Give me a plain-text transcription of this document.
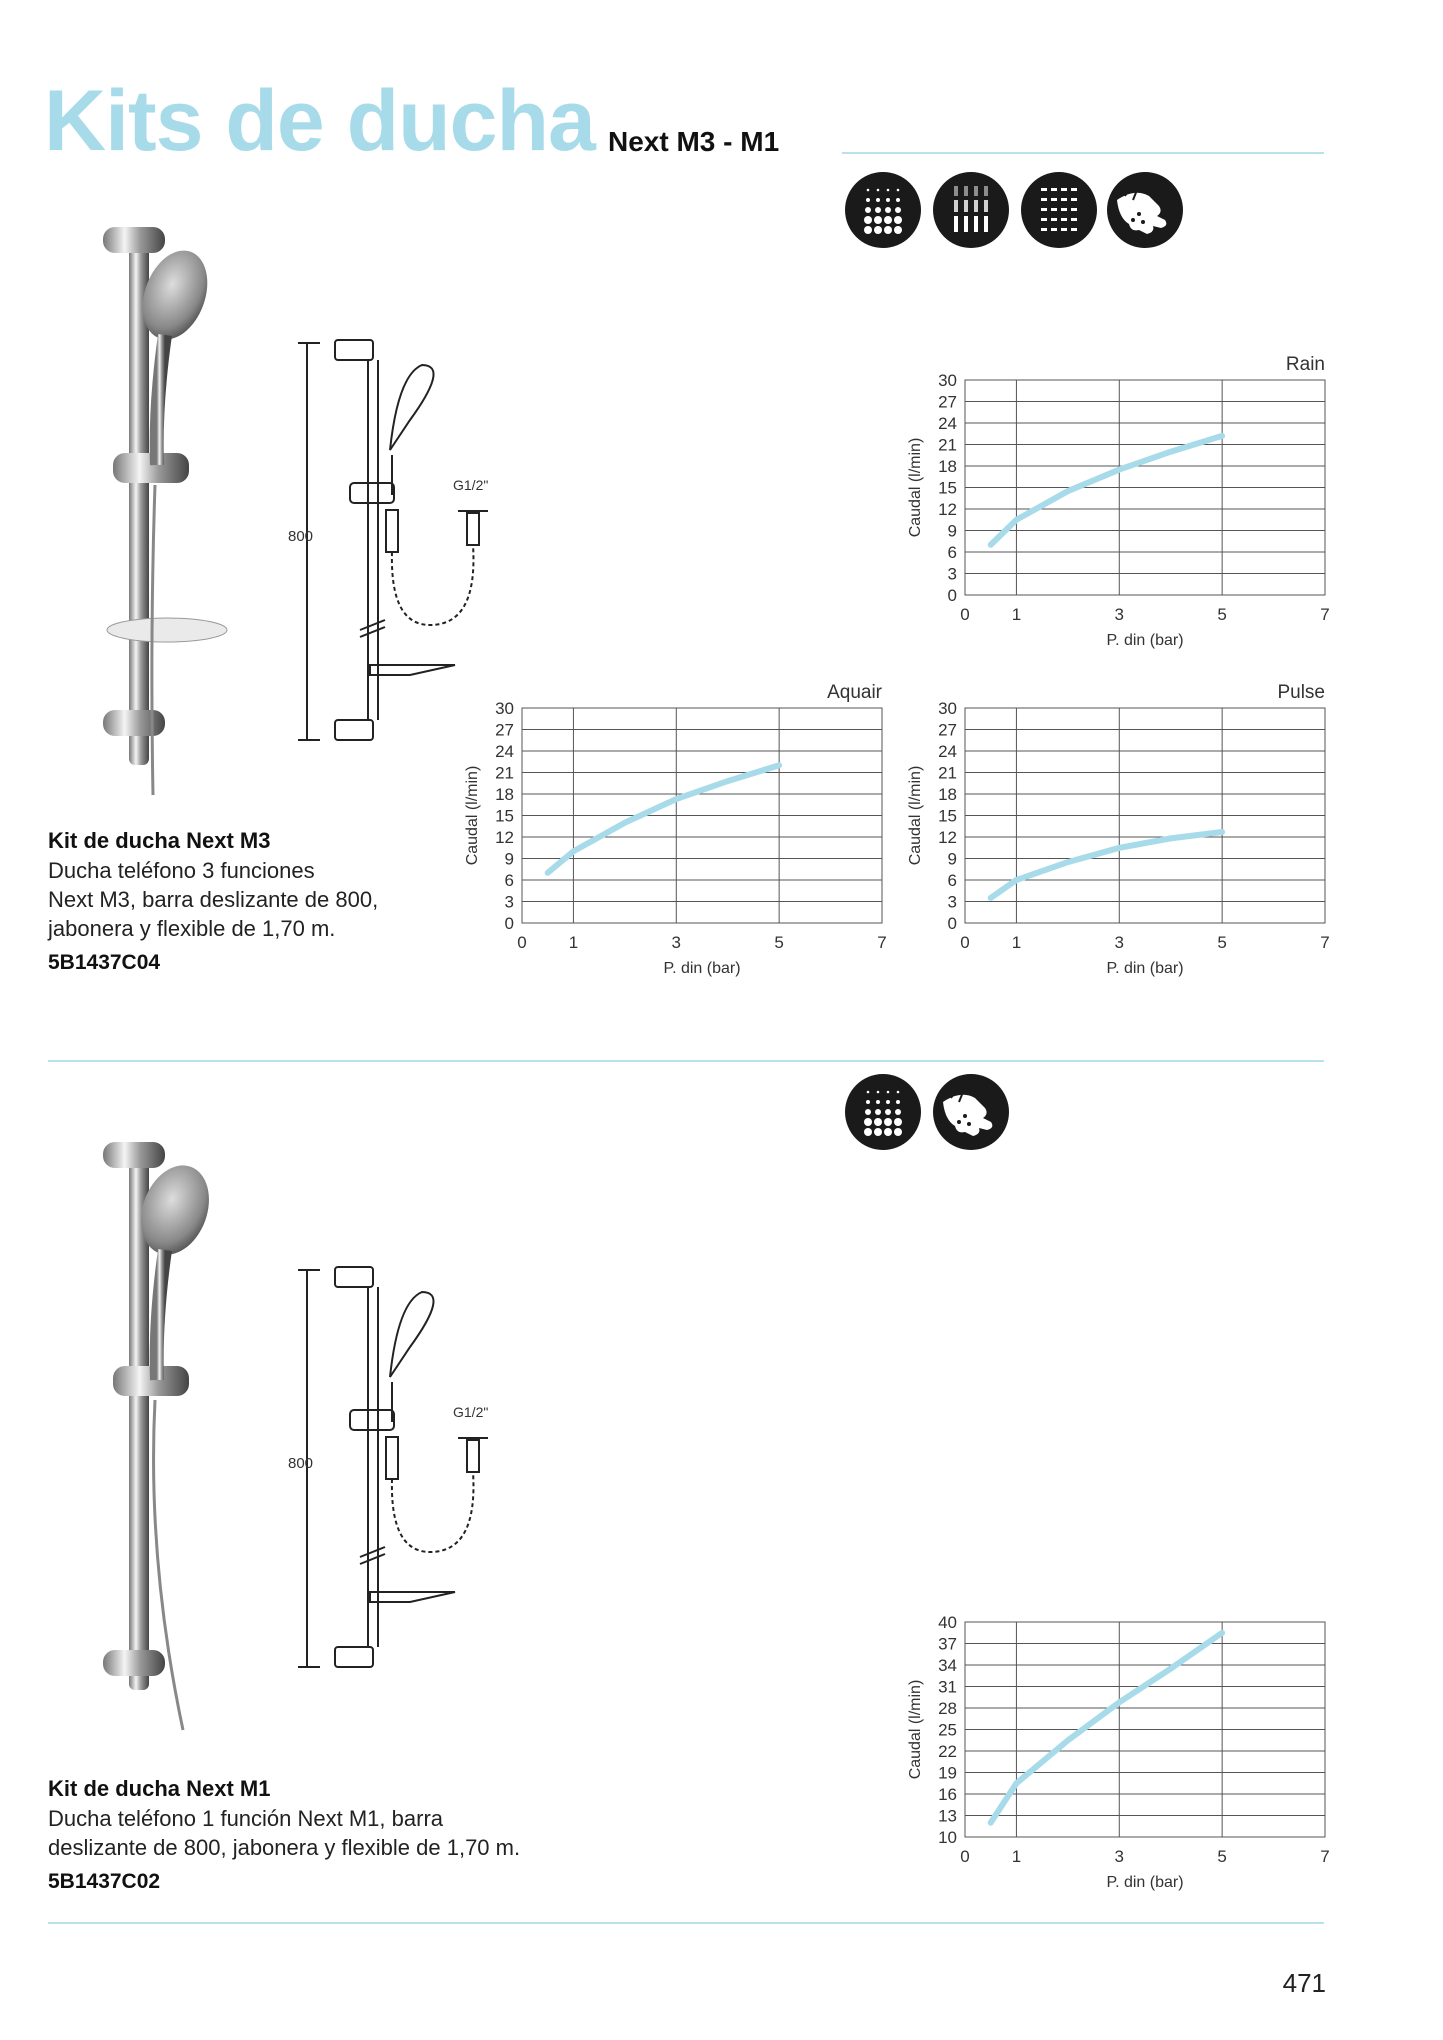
Kits de ducha Next M3 - M1
800
G1/2"
Kit de ducha Next M3
Ducha teléfono 3 funciones
Next M3, barra deslizante de 800,
jabonera y flexible de 1,70 m.
5B1437C04
0
3
6
9
12
15
18
21
24
27
30
0 1	3	5	7
P. din (bar)
Caudal (l/min)
Rain
0
3
6
9
12
15
18
21
24
27
30
0 1	3	5	7
P. din (bar)
Caudal (l/min)
Aquair
0
3
6
9
12
15
18
21
24
27
30
0 1	3	5	7
P. din (bar)
Caudal (l/min)
Pulse
800
G1/2"
Kit de ducha Next M1
Ducha teléfono 1 función Next M1, barra
deslizante de 800, jabonera y flexible de 1,70 m.
5B1437C02
10
13
16
19
22
25
28
31
34
37
40
0 1	3	5	7
P. din (bar)
Caudal (l/min)
471
